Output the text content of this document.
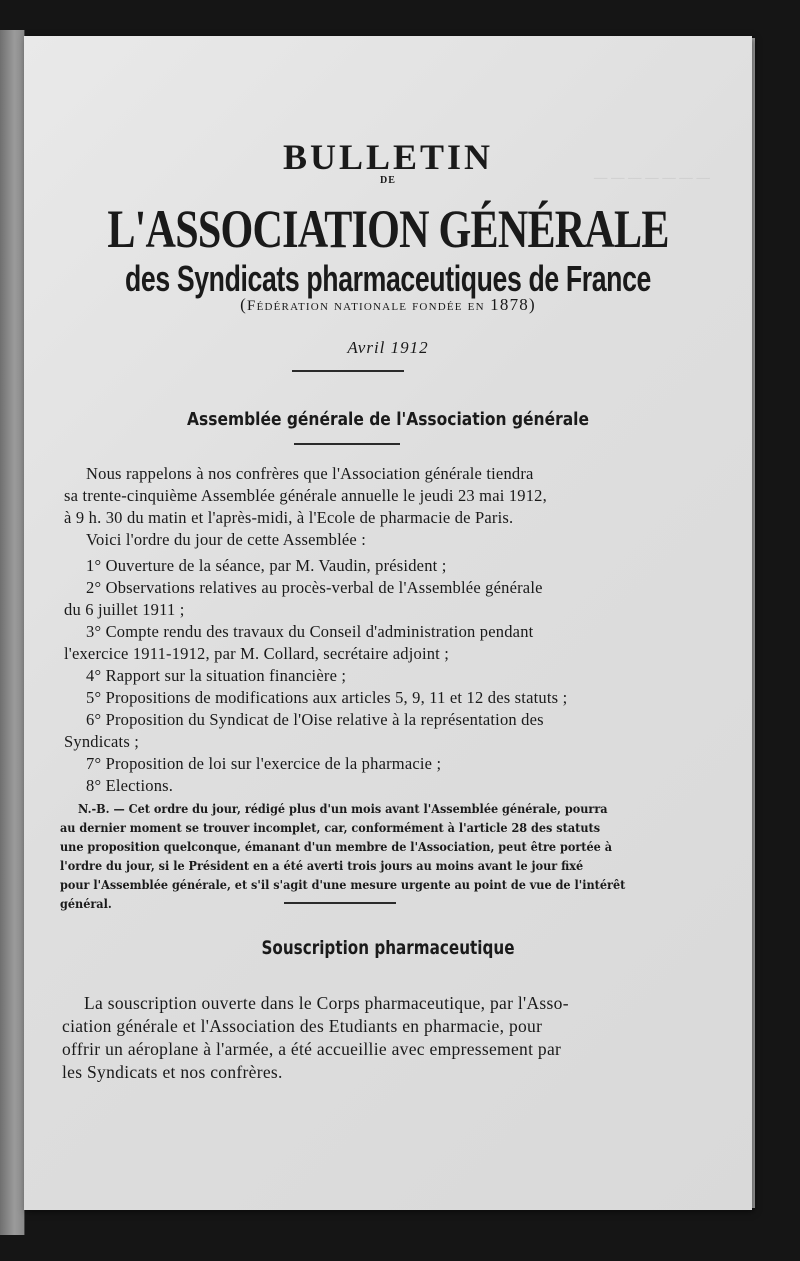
— — — — — — —
BULLETIN
DE
L'ASSOCIATION GÉNÉRALE
des Syndicats pharmaceutiques de France
(Fédération nationale fondée en 1878)
Avril 1912
Assemblée générale de l'Association générale
Nous rappelons à nos confrères que l'Association générale tiendra
sa trente-cinquième Assemblée générale annuelle le jeudi 23 mai 1912,
à 9 h. 30 du matin et l'après-midi, à l'Ecole de pharmacie de Paris.
Voici l'ordre du jour de cette Assemblée :
1° Ouverture de la séance, par M. Vaudin, président ;
2° Observations relatives au procès-verbal de l'Assemblée générale
du 6 juillet 1911 ;
3° Compte rendu des travaux du Conseil d'administration pendant
l'exercice 1911-1912, par M. Collard, secrétaire adjoint ;
4° Rapport sur la situation financière ;
5° Propositions de modifications aux articles 5, 9, 11 et 12 des statuts ;
6° Proposition du Syndicat de l'Oise relative à la représentation des
Syndicats ;
7° Proposition de loi sur l'exercice de la pharmacie ;
8° Elections.
N.-B. — Cet ordre du jour, rédigé plus d'un mois avant l'Assemblée générale, pourra
au dernier moment se trouver incomplet, car, conformément à l'article 28 des statuts
une proposition quelconque, émanant d'un membre de l'Association, peut être portée à
l'ordre du jour, si le Président en a été averti trois jours au moins avant le jour fixé
pour l'Assemblée générale, et s'il s'agit d'une mesure urgente au point de vue de l'intérêt
général.
Souscription pharmaceutique
La souscription ouverte dans le Corps pharmaceutique, par l'Asso-
ciation générale et l'Association des Etudiants en pharmacie, pour
offrir un aéroplane à l'armée, a été accueillie avec empressement par
les Syndicats et nos confrères.
